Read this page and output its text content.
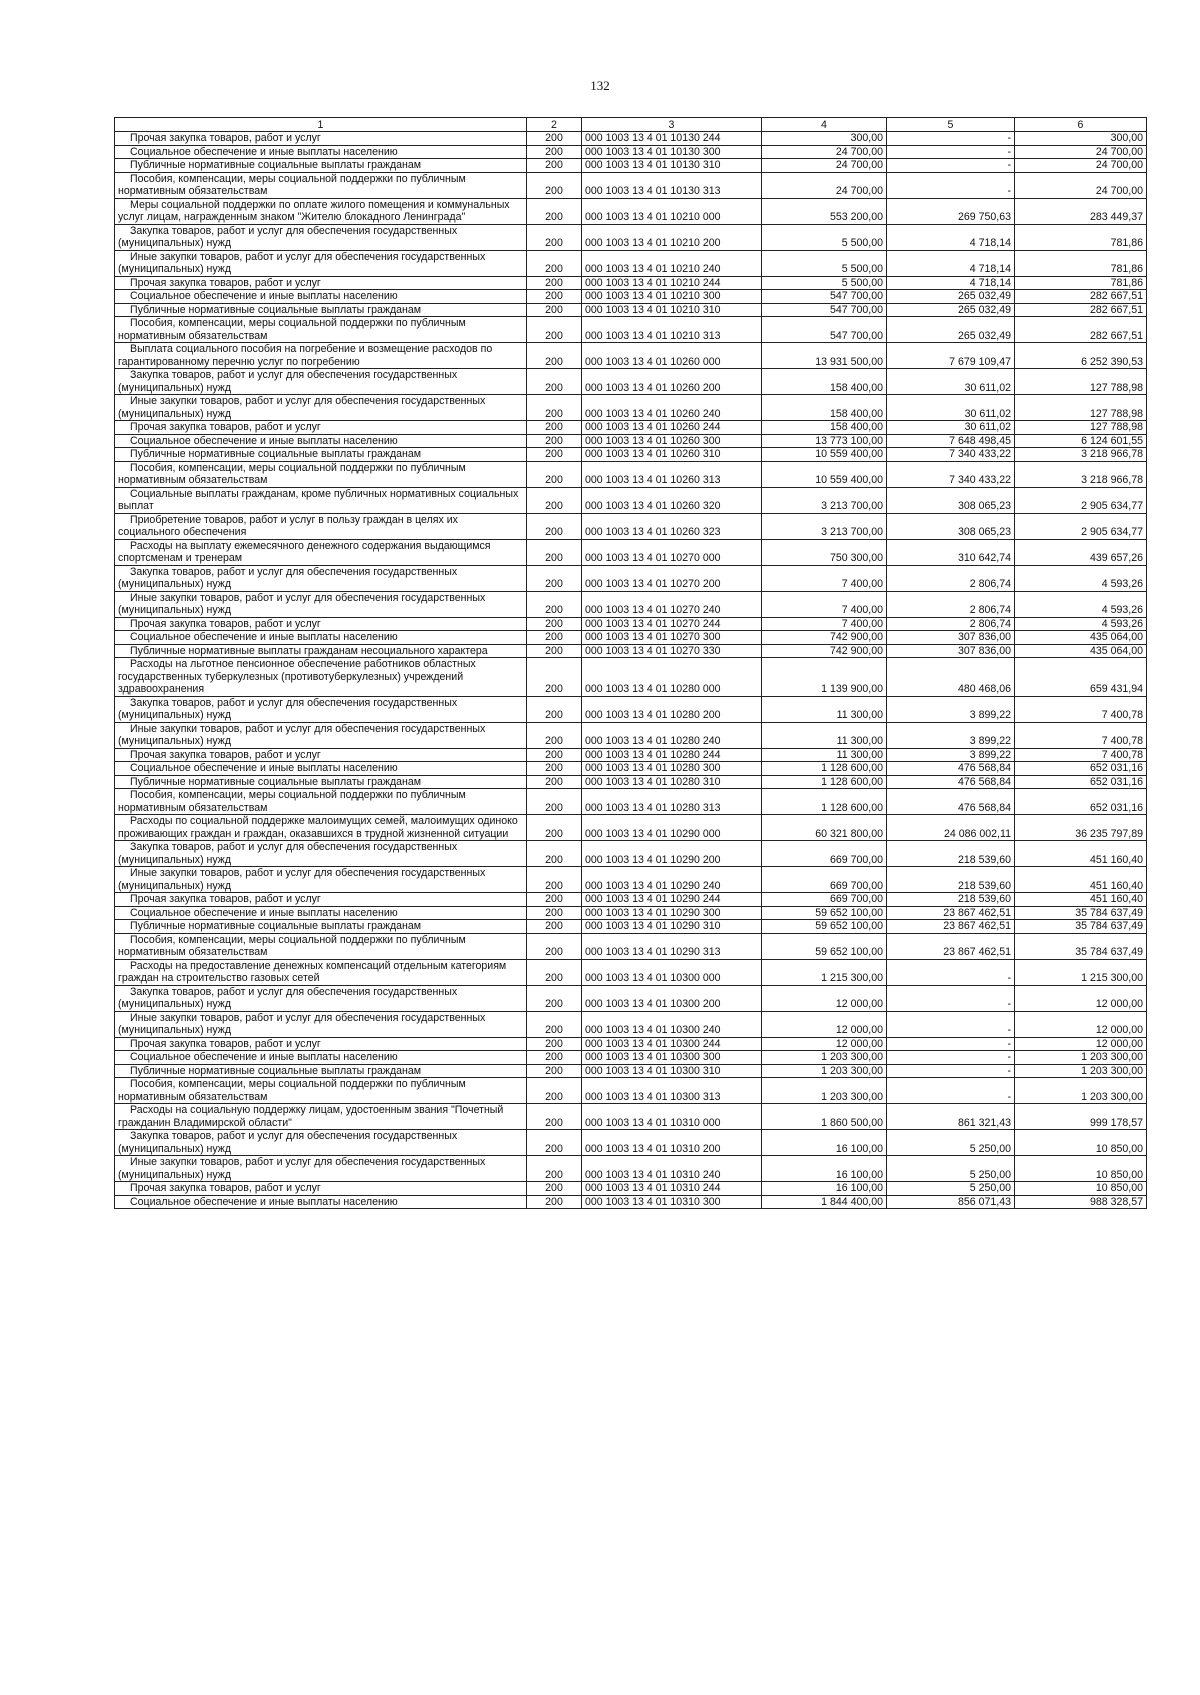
132
1	2	3	4	5	6
Прочая закупка товаров, работ и услуг	200	000 1003 13 4 01 10130 244	300,00	-	300,00
Социальное обеспечение и иные выплаты населению	200	000 1003 13 4 01 10130 300	24 700,00	-	24 700,00
Публичные нормативные социальные выплаты гражданам	200	000 1003 13 4 01 10130 310	24 700,00	-	24 700,00
Пособия, компенсации, меры социальной поддержки по публичным нормативным обязательствам	200	000 1003 13 4 01 10130 313	24 700,00	-	24 700,00
Меры социальной поддержки по оплате жилого помещения и коммунальных услуг лицам, награжденным знаком "Жителю блокадного Ленинграда"	200	000 1003 13 4 01 10210 000	553 200,00	269 750,63	283 449,37
Закупка товаров, работ и услуг для обеспечения государственных (муниципальных) нужд	200	000 1003 13 4 01 10210 200	5 500,00	4 718,14	781,86
Иные закупки товаров, работ и услуг для обеспечения государственных (муниципальных) нужд	200	000 1003 13 4 01 10210 240	5 500,00	4 718,14	781,86
Прочая закупка товаров, работ и услуг	200	000 1003 13 4 01 10210 244	5 500,00	4 718,14	781,86
Социальное обеспечение и иные выплаты населению	200	000 1003 13 4 01 10210 300	547 700,00	265 032,49	282 667,51
Публичные нормативные социальные выплаты гражданам	200	000 1003 13 4 01 10210 310	547 700,00	265 032,49	282 667,51
Пособия, компенсации, меры социальной поддержки по публичным нормативным обязательствам	200	000 1003 13 4 01 10210 313	547 700,00	265 032,49	282 667,51
Выплата социального пособия на погребение и возмещение расходов по гарантированному перечню услуг по погребению	200	000 1003 13 4 01 10260 000	13 931 500,00	7 679 109,47	6 252 390,53
Закупка товаров, работ и услуг для обеспечения государственных (муниципальных) нужд	200	000 1003 13 4 01 10260 200	158 400,00	30 611,02	127 788,98
Иные закупки товаров, работ и услуг для обеспечения государственных (муниципальных) нужд	200	000 1003 13 4 01 10260 240	158 400,00	30 611,02	127 788,98
Прочая закупка товаров, работ и услуг	200	000 1003 13 4 01 10260 244	158 400,00	30 611,02	127 788,98
Социальное обеспечение и иные выплаты населению	200	000 1003 13 4 01 10260 300	13 773 100,00	7 648 498,45	6 124 601,55
Публичные нормативные социальные выплаты гражданам	200	000 1003 13 4 01 10260 310	10 559 400,00	7 340 433,22	3 218 966,78
Пособия, компенсации, меры социальной поддержки по публичным нормативным обязательствам	200	000 1003 13 4 01 10260 313	10 559 400,00	7 340 433,22	3 218 966,78
Социальные выплаты гражданам, кроме публичных нормативных социальных выплат	200	000 1003 13 4 01 10260 320	3 213 700,00	308 065,23	2 905 634,77
Приобретение товаров, работ и услуг в пользу граждан в целях их социального обеспечения	200	000 1003 13 4 01 10260 323	3 213 700,00	308 065,23	2 905 634,77
Расходы на выплату ежемесячного денежного содержания выдающимся спортсменам и тренерам	200	000 1003 13 4 01 10270 000	750 300,00	310 642,74	439 657,26
Закупка товаров, работ и услуг для обеспечения государственных (муниципальных) нужд	200	000 1003 13 4 01 10270 200	7 400,00	2 806,74	4 593,26
Иные закупки товаров, работ и услуг для обеспечения государственных (муниципальных) нужд	200	000 1003 13 4 01 10270 240	7 400,00	2 806,74	4 593,26
Прочая закупка товаров, работ и услуг	200	000 1003 13 4 01 10270 244	7 400,00	2 806,74	4 593,26
Социальное обеспечение и иные выплаты населению	200	000 1003 13 4 01 10270 300	742 900,00	307 836,00	435 064,00
Публичные нормативные выплаты гражданам несоциального характера	200	000 1003 13 4 01 10270 330	742 900,00	307 836,00	435 064,00
Расходы на льготное пенсионное обеспечение работников областных государственных туберкулезных (противотуберкулезных) учреждений здравоохранения	200	000 1003 13 4 01 10280 000	1 139 900,00	480 468,06	659 431,94
Закупка товаров, работ и услуг для обеспечения государственных (муниципальных) нужд	200	000 1003 13 4 01 10280 200	11 300,00	3 899,22	7 400,78
Иные закупки товаров, работ и услуг для обеспечения государственных (муниципальных) нужд	200	000 1003 13 4 01 10280 240	11 300,00	3 899,22	7 400,78
Прочая закупка товаров, работ и услуг	200	000 1003 13 4 01 10280 244	11 300,00	3 899,22	7 400,78
Социальное обеспечение и иные выплаты населению	200	000 1003 13 4 01 10280 300	1 128 600,00	476 568,84	652 031,16
Публичные нормативные социальные выплаты гражданам	200	000 1003 13 4 01 10280 310	1 128 600,00	476 568,84	652 031,16
Пособия, компенсации, меры социальной поддержки по публичным нормативным обязательствам	200	000 1003 13 4 01 10280 313	1 128 600,00	476 568,84	652 031,16
Расходы по социальной поддержке малоимущих семей, малоимущих одиноко проживающих граждан и граждан, оказавшихся в трудной жизненной ситуации	200	000 1003 13 4 01 10290 000	60 321 800,00	24 086 002,11	36 235 797,89
Закупка товаров, работ и услуг для обеспечения государственных (муниципальных) нужд	200	000 1003 13 4 01 10290 200	669 700,00	218 539,60	451 160,40
Иные закупки товаров, работ и услуг для обеспечения государственных (муниципальных) нужд	200	000 1003 13 4 01 10290 240	669 700,00	218 539,60	451 160,40
Прочая закупка товаров, работ и услуг	200	000 1003 13 4 01 10290 244	669 700,00	218 539,60	451 160,40
Социальное обеспечение и иные выплаты населению	200	000 1003 13 4 01 10290 300	59 652 100,00	23 867 462,51	35 784 637,49
Публичные нормативные социальные выплаты гражданам	200	000 1003 13 4 01 10290 310	59 652 100,00	23 867 462,51	35 784 637,49
Пособия, компенсации, меры социальной поддержки по публичным нормативным обязательствам	200	000 1003 13 4 01 10290 313	59 652 100,00	23 867 462,51	35 784 637,49
Расходы на предоставление денежных компенсаций отдельным категориям граждан на строительство газовых сетей	200	000 1003 13 4 01 10300 000	1 215 300,00	-	1 215 300,00
Закупка товаров, работ и услуг для обеспечения государственных (муниципальных) нужд	200	000 1003 13 4 01 10300 200	12 000,00	-	12 000,00
Иные закупки товаров, работ и услуг для обеспечения государственных (муниципальных) нужд	200	000 1003 13 4 01 10300 240	12 000,00	-	12 000,00
Прочая закупка товаров, работ и услуг	200	000 1003 13 4 01 10300 244	12 000,00	-	12 000,00
Социальное обеспечение и иные выплаты населению	200	000 1003 13 4 01 10300 300	1 203 300,00	-	1 203 300,00
Публичные нормативные социальные выплаты гражданам	200	000 1003 13 4 01 10300 310	1 203 300,00	-	1 203 300,00
Пособия, компенсации, меры социальной поддержки по публичным нормативным обязательствам	200	000 1003 13 4 01 10300 313	1 203 300,00	-	1 203 300,00
Расходы на социальную поддержку лицам, удостоенным звания "Почетный гражданин Владимирской области"	200	000 1003 13 4 01 10310 000	1 860 500,00	861 321,43	999 178,57
Закупка товаров, работ и услуг для обеспечения государственных (муниципальных) нужд	200	000 1003 13 4 01 10310 200	16 100,00	5 250,00	10 850,00
Иные закупки товаров, работ и услуг для обеспечения государственных (муниципальных) нужд	200	000 1003 13 4 01 10310 240	16 100,00	5 250,00	10 850,00
Прочая закупка товаров, работ и услуг	200	000 1003 13 4 01 10310 244	16 100,00	5 250,00	10 850,00
Социальное обеспечение и иные выплаты населению	200	000 1003 13 4 01 10310 300	1 844 400,00	856 071,43	988 328,57
